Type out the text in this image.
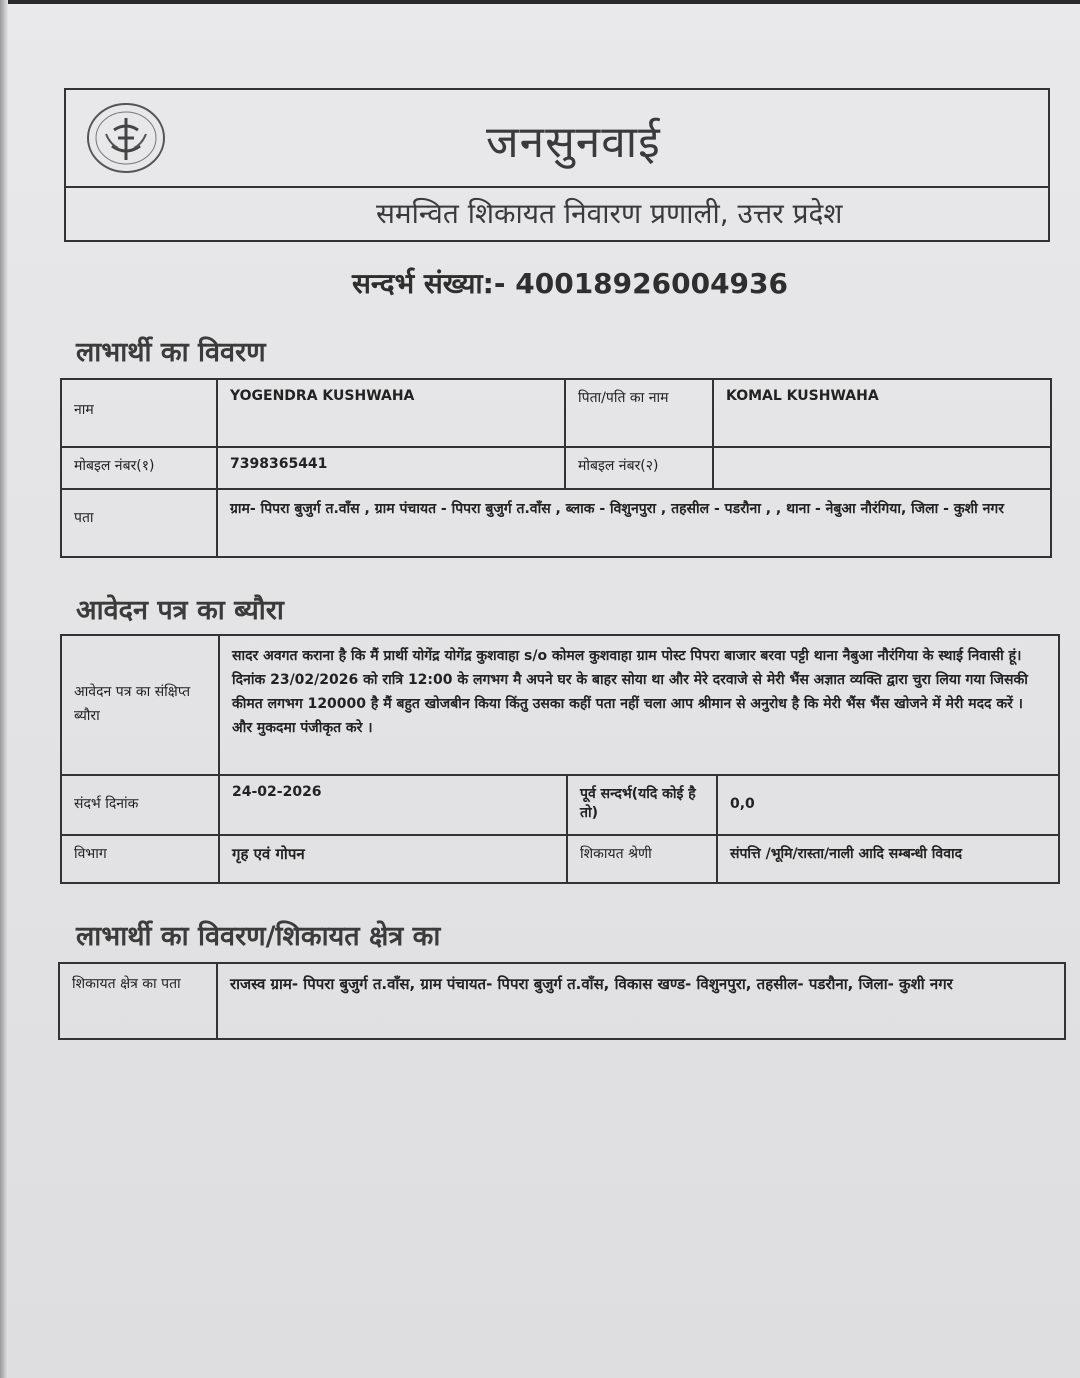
जनसुनवाई
समन्वित शिकायत निवारण प्रणाली, उत्तर प्रदेश
सन्दर्भ संख्या:- 40018926004936
लाभार्थी का विवरण
नाम	YOGENDRA KUSHWAHA	पिता/पति का नाम	KOMAL KUSHWAHA
मोबइल नंबर(१)	7398365441	मोबइल नंबर(२)	
पता	ग्राम- पिपरा बुजुर्ग त.वाँस , ग्राम पंचायत - पिपरा बुजुर्ग त.वाँस , ब्लाक - विशुनपुरा , तहसील - पडरौना , , थाना - नेबुआ नौरंगिया, जिला - कुशी नगर		
आवेदन पत्र का ब्यौरा
आवेदन पत्र का संक्षिप्त ब्यौरा	सादर अवगत कराना है कि मैं प्रार्थी योगेंद्र योगेंद्र कुशवाहा s/o कोमल कुशवाहा ग्राम पोस्ट पिपरा बाजार बरवा पट्टी थाना नैबुआ नौरंगिया के स्थाई निवासी हूं। दिनांक 23/02/2026 को रात्रि 12:00 के लगभग मै अपने घर के बाहर सोया था और मेरे दरवाजे से मेरी भैंस अज्ञात व्यक्ति द्वारा चुरा लिया गया जिसकी कीमत लगभग 120000 है मैं बहुत खोजबीन किया किंतु उसका कहीं पता नहीं चला आप श्रीमान से अनुरोध है कि मेरी भैंस भैंस खोजने में मेरी मदद करें । और मुकदमा पंजीकृत करे ।		
संदर्भ दिनांक	24-02-2026	पूर्व सन्दर्भ(यदि कोई है तो)	0,0
विभाग	गृह एवं गोपन	शिकायत श्रेणी	संपत्ति /भूमि/रास्ता/नाली आदि सम्बन्धी विवाद
लाभार्थी का विवरण/शिकायत क्षेत्र का
शिकायत क्षेत्र का पता	राजस्व ग्राम- पिपरा बुजुर्ग त.वाँस, ग्राम पंचायत- पिपरा बुजुर्ग त.वाँस, विकास खण्ड- विशुनपुरा, तहसील- पडरौना, जिला- कुशी नगर
